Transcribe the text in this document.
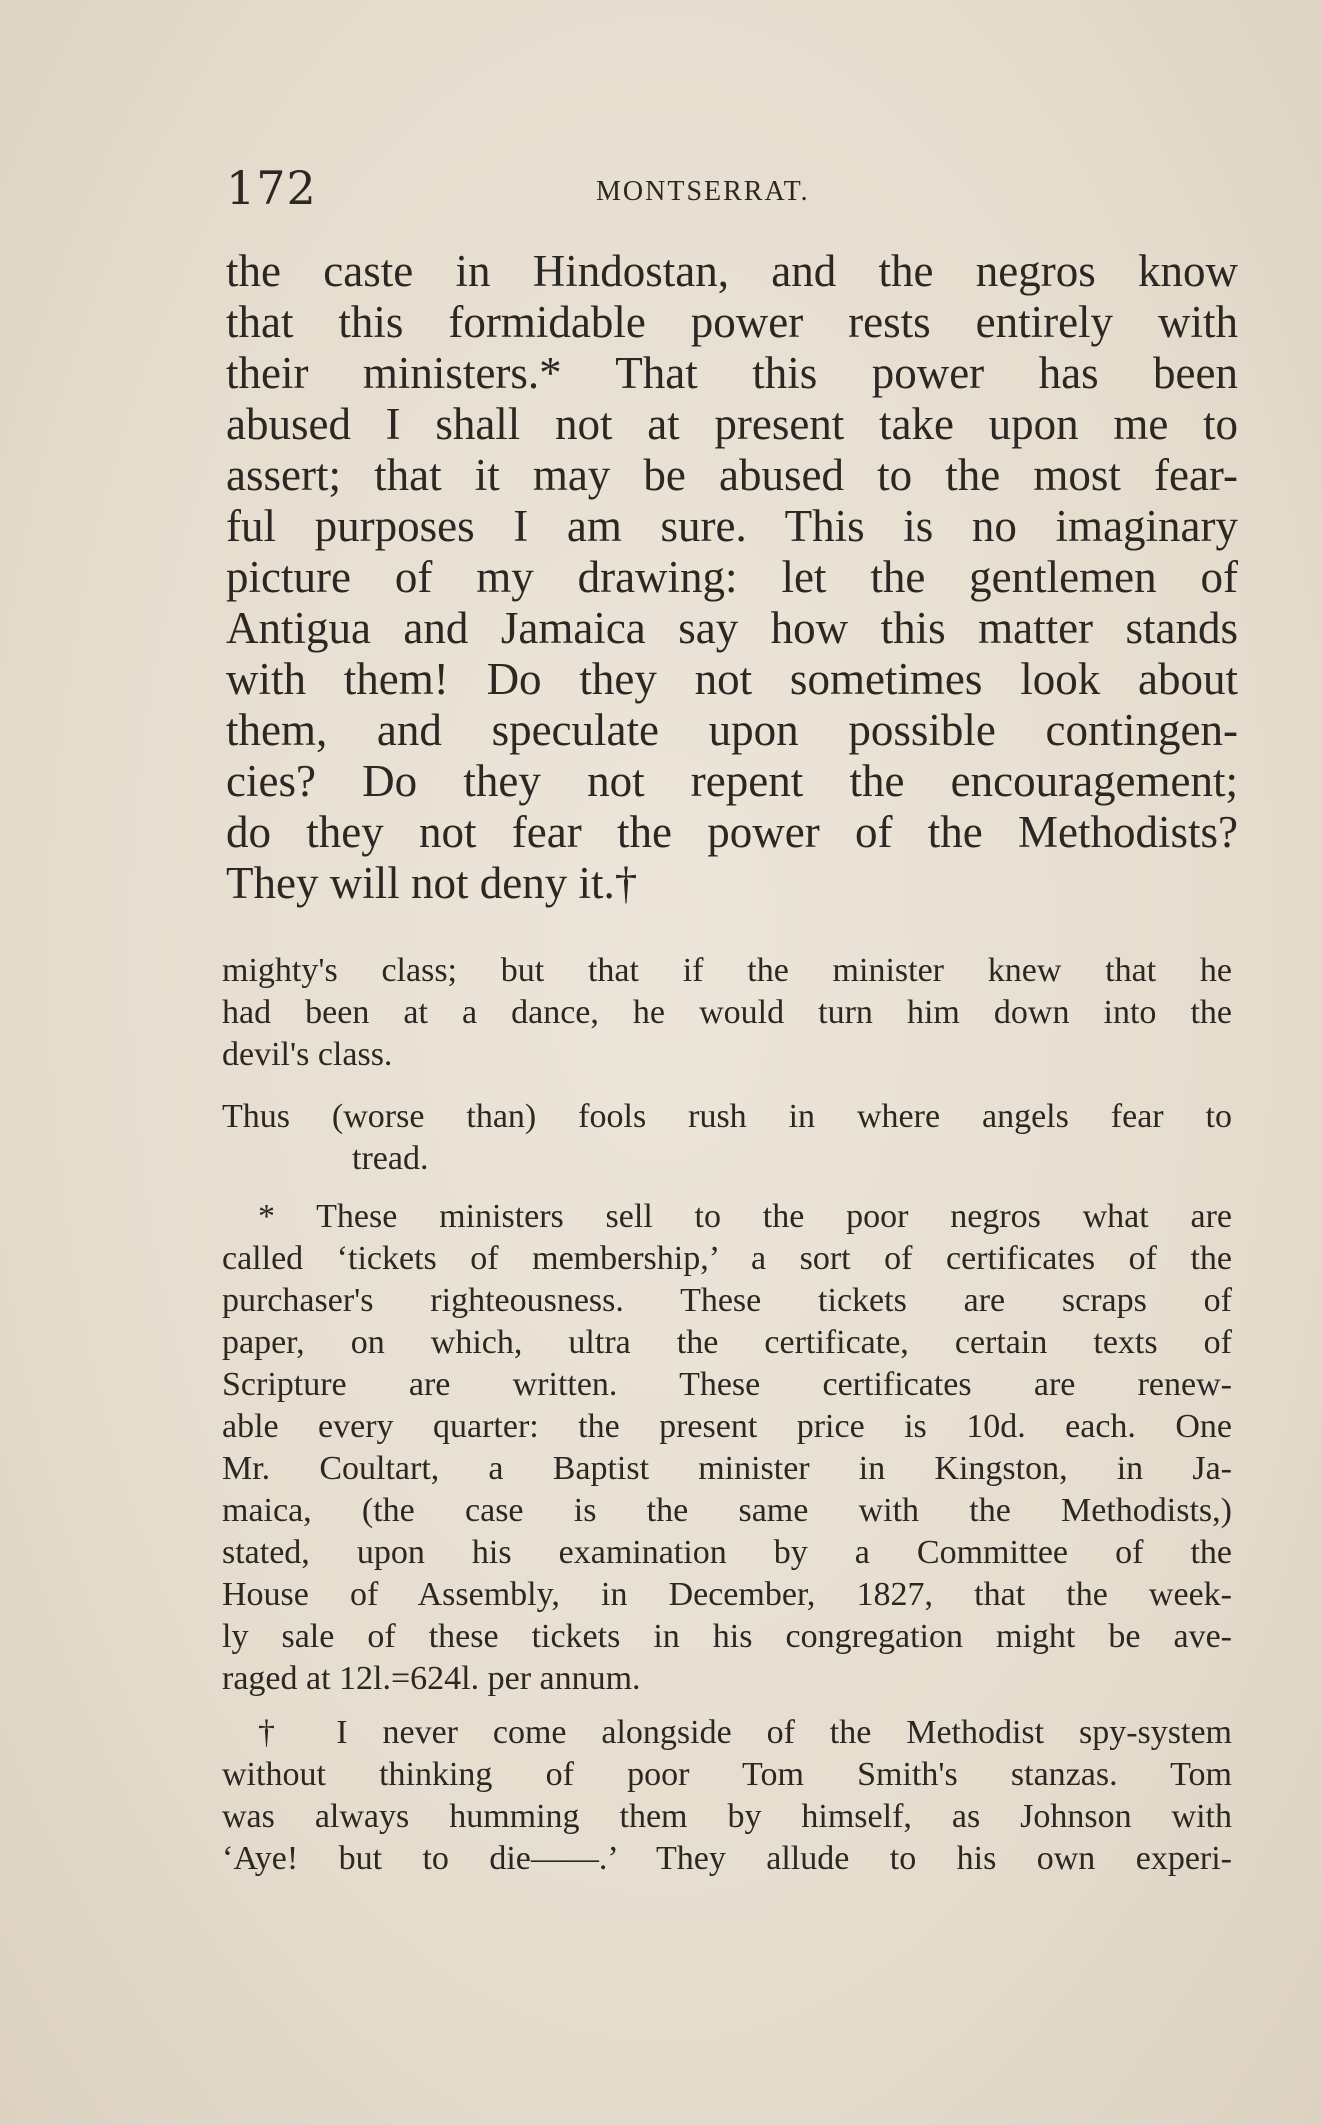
172	MONTSERRAT.
the caste in Hindostan, and the negros know
that this formidable power rests entirely with
their ministers.* That this power has been
abused I shall not at present take upon me to
assert; that it may be abused to the most fear-
ful purposes I am sure. This is no imaginary
picture of my drawing: let the gentlemen of
Antigua and Jamaica say how this matter stands
with them! Do they not sometimes look about
them, and speculate upon possible contingen-
cies? Do they not repent the encouragement;
do they not fear the power of the Methodists?
They will not deny it.†
mighty's class; but that if the minister knew that he
had been at a dance, he would turn him down into the
devil's class.
Thus (worse than) fools rush in where angels fear to
tread.
* These ministers sell to the poor negros what are
called ‘tickets of membership,’ a sort of certificates of the
purchaser's righteousness. These tickets are scraps of
paper, on which, ultra the certificate, certain texts of
Scripture are written. These certificates are renew-
able every quarter: the present price is 10d. each. One
Mr. Coultart, a Baptist minister in Kingston, in Ja-
maica, (the case is the same with the Methodists,)
stated, upon his examination by a Committee of the
House of Assembly, in December, 1827, that the week-
ly sale of these tickets in his congregation might be ave-
raged at 12l.=624l. per annum.
† I never come alongside of the Methodist spy-system
without thinking of poor Tom Smith's stanzas. Tom
was always humming them by himself, as Johnson with
‘Aye! but to die——.’ They allude to his own experi-
